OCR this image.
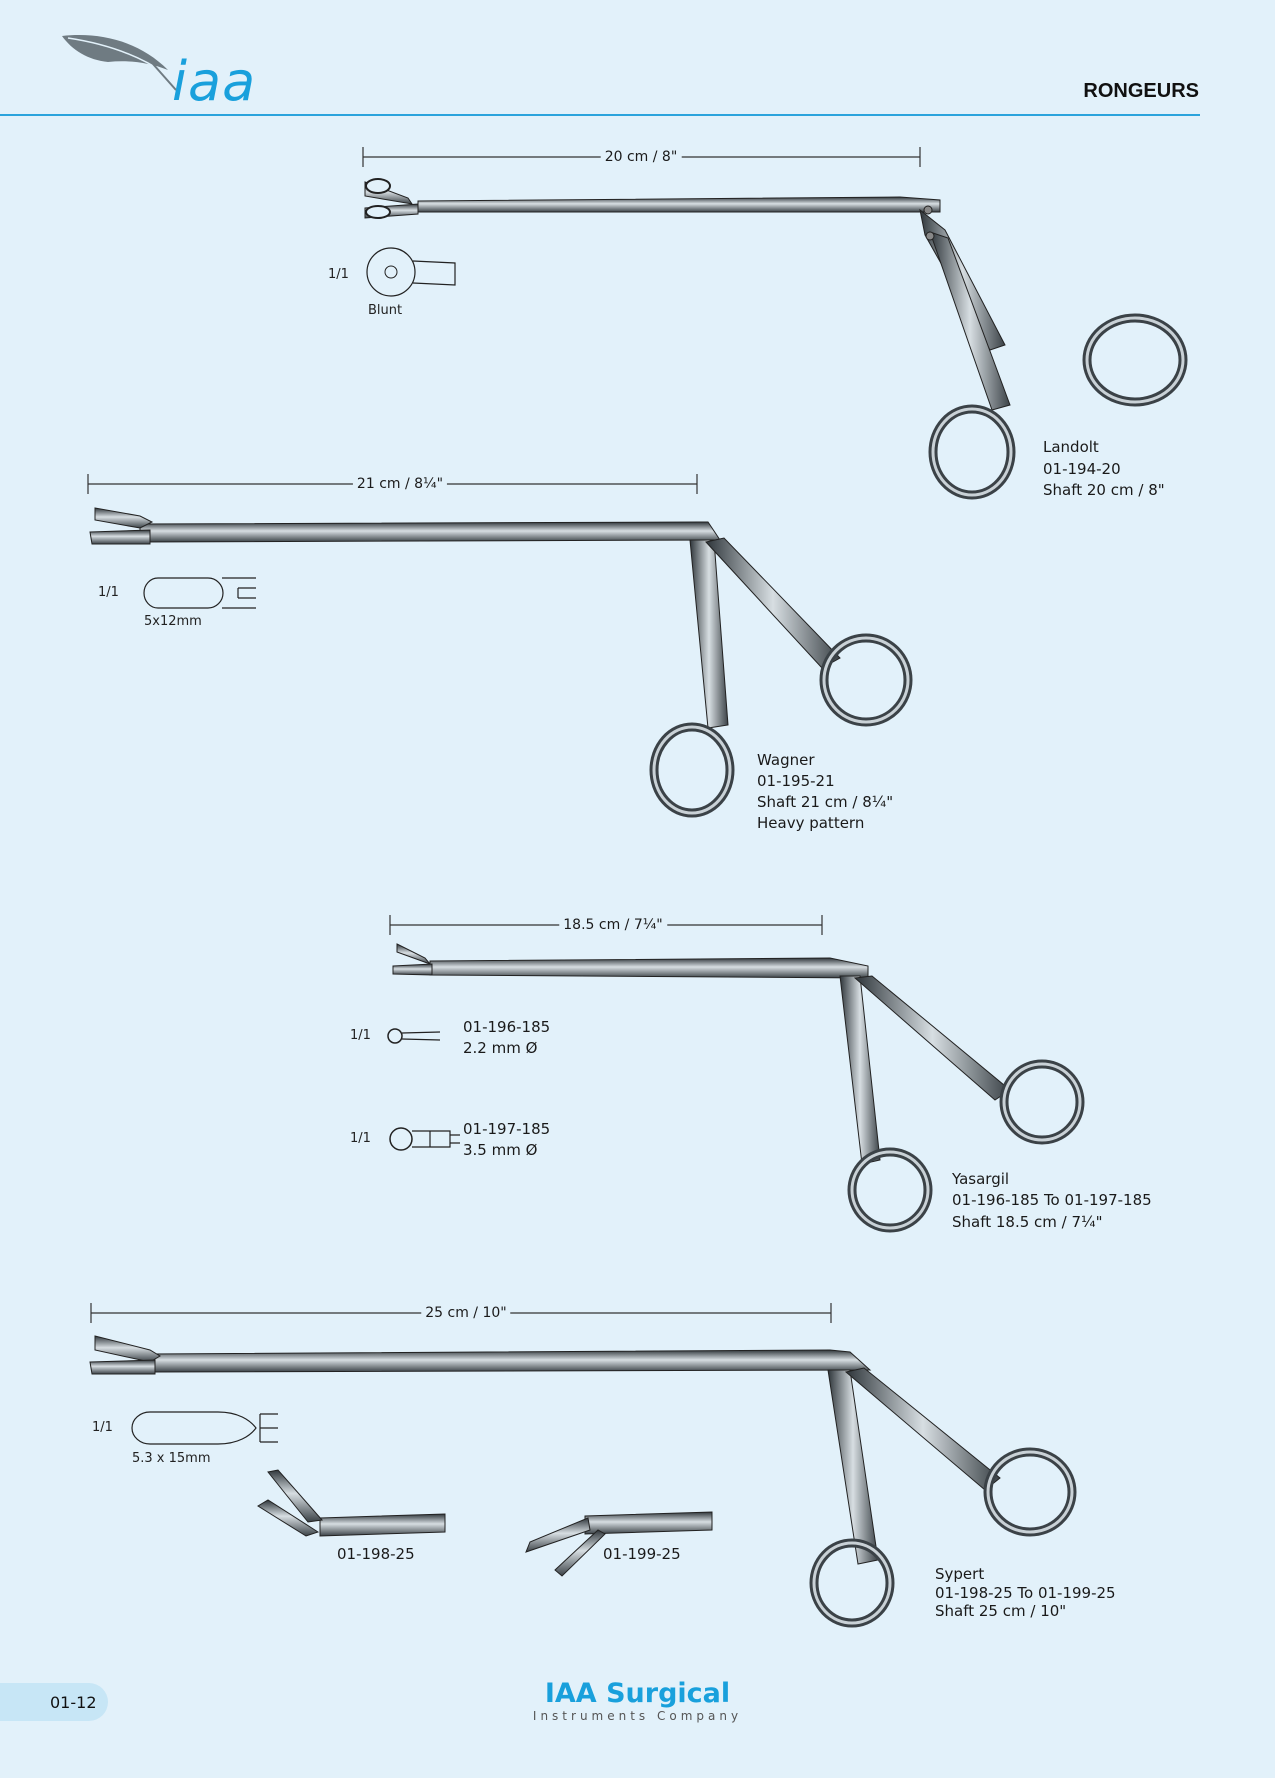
iaa	RONGEURS
20 cm / 8"
1/1
Blunt
Landolt
01-194-20
Shaft 20 cm / 8"
21 cm / 8¼"
1/1
5x12mm
Wagner
01-195-21
Shaft 21 cm / 8¼"
Heavy pattern
18.5 cm / 7¼"
1/1	01-196-185
2.2 mm Ø
1/1
01-197-185
3.5 mm Ø
Yasargil
01-196-185 To 01-197-185
Shaft 18.5 cm / 7¼"
25 cm / 10"
1/1
5.3 x 15mm
01-198-25	01-199-25
Sypert
01-198-25 To 01-199-25
Shaft 25 cm / 10"
01-12	IAA Surgical
Instruments Company
